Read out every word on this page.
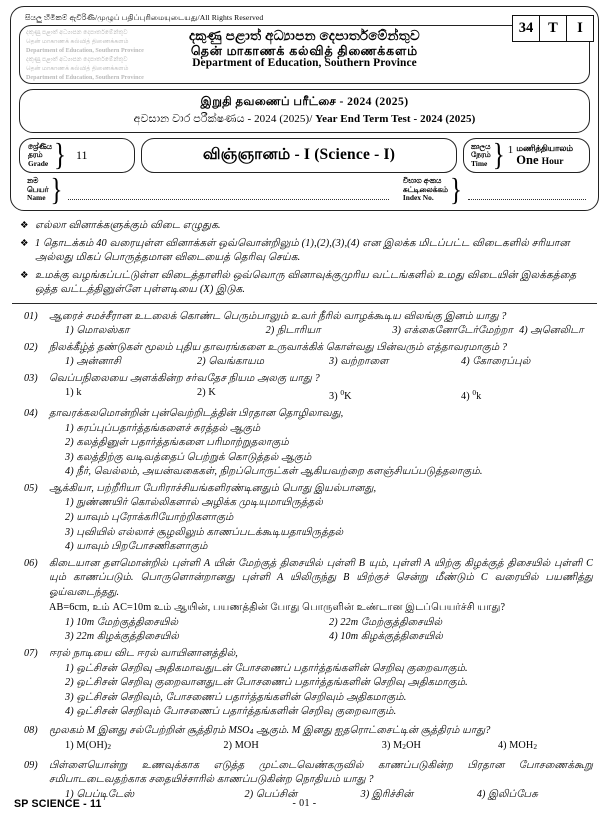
සියලු හිමිකම් ඇවිරිණි/முழுப் பதிப்புரிமையுடையது/All Rights Reserved
දකුණු පළාත් අධ්‍යාපන දෙපාර්තමේන්තුව
தென் மாகாணக் கல்வித் திணைக்களம்
Department of Education, Southern Province
දකුණු පළාත් අධ්‍යාපන දෙපාර්තමේන්තුව
தென் மாகாணக் கல்வித் திணைக்களம்
Department of Education, Southern Province
දකුණු පළාත් අධ්‍යාපන දෙපාර්තමේන්තුව
தென் மாகாணக் கல்வித் திணைக்களம்
Department of Education, Southern Province
34	T	I
இறுதி தவணைப் பரீட்சை - 2024 (2025)
අවසාන වාර පරීක්ෂණය - 2024 (2025)/ Year End Term Test - 2024 (2025)
ශ්‍රේණිය
தரம்
Grade } 11	விஞ்ஞானம் - I (Science - I)	කාලය
நேரம்
Time } 1 மணித்தியாலம்
One Hour
නම
பெயர்
Name }	විභාග අංකය
சுட்டிலைக்கம்
Index No. }
❖ எல்லா வினாக்களுக்கும் விடை எழுதுக.
❖ 1 தொடக்கம் 40 வரையுள்ள வினாக்கள் ஒவ்வொன்றிலும் (1),(2),(3),(4) என இலக்க மிடப்பட்ட விடைகளில் சரியான அல்லது மிகப் பொருத்தமான விடையைத் தெரிவு செய்க.
❖ உமக்கு வழங்கப்பட்டுள்ள விடைத்தாளில் ஒவ்வொரு வினாவுக்குமுரிய வட்டங்களில் உமது விடையின் இலக்கத்தை ஒத்த வட்டத்தினுள்ளே புள்ளடியை (X) இடுக.
01)	ஆரைச் சமச்சீரான உடலைக் கொண்ட பெரும்பாலும் உவர் நீரில் வாழக்கூடிய விலங்கு இனம் யாது ?
1) மொலஸ்கா	2) நிடாரியா	3) எக்கைனோடேர்மேற்றா 4) அனெலிடா
02)	நிலக்கீழ்த் தண்டுகள் மூலம் புதிய தாவரங்களை உருவாக்கிக் கொள்வது பின்வரும் எத்தாவரமாகும் ?
1) அன்னாசி	2) வெங்காயம	3) வற்றாளை	4) கோரைப்புல்
03)	வெப்பநிலையை அளக்கின்ற சர்வதேச நியம அலகு யாது ?
1) k	2) K	3) $^0$K	4) $^0$k
04)	தாவரக்கலமொன்றின் புன்வெற்றிடத்தின் பிரதான தொழிலாவது,
1) சுரப்புப்பதார்த்தங்களைச் சுரத்தல் ஆகும்
2) கலத்தினுள் பதார்த்தங்களை பரிமாற்றுதலாகும்
3) கலத்திற்கு வடிவத்தைப் பெற்றுக் கொடுத்தல் ஆகும்
4) நீர், வெல்லம், அயன்வகைகள், நிறப்பொருட்கள் ஆகியவற்றை களஞ்சியப்படுத்தலாகும்.
05)	ஆக்கியா, பற்றீரியா பேரிராச்சியங்களிரண்டினதும் பொது இயல்பானது,
1) நுண்ணயிர் கொல்லிகளால் அழிக்க முடியுமாயிருத்தல்
2) யாவும் புரோக்கரியோற்றிகளாகும்
3) புவியில் எல்லாச் சூழலிலும் காணப்படக்கூடியதாயிருத்தல்
4) யாவும் பிறபோசணிகளாகும்
06)	கிடையான தளமொன்றில் புள்ளி A யின் மேற்குத் திசையில் புள்ளி B யும், புள்ளி A யிற்கு கிழக்குத் திசையில் புள்ளி C யும் காணப்படும். பொருளொன்றானது புள்ளி A யிலிருந்து B யிற்குச் சென்று மீண்டும் C வரையில் பயணித்து ஓய்வடைந்தது.
AB=6cm, உம் AC=10m உம் ஆயின், பயணத்தின் போது பொருளின் உண்டான இடப்பெயர்ச்சி யாது?
1) 10m மேற்குத்திசையில்	2) 22m மேற்குத்திசையில்
3) 22m கிழக்குத்திசையில்	4) 10m கிழக்குத்திசையில்
07)	ஈரல் நாடியை விட ஈரல் வாயினானத்தில்,
1) ஒட்சிசன் செறிவு அதிகமாவதுடன் போசணைப் பதார்த்தங்களின் செறிவு குறைவாகும்.
2) ஒட்சிசன் செறிவு குறைவானதுடன் போசணைப் பதார்த்தங்களின் செறிவு அதிகமாகும்.
3) ஒட்சிசன் செறிவும், போசணைப் பதார்த்தங்களின் செறிவும் அதிகமாகும்.
4) ஒட்சிசன் செறிவும் போசணைப் பதார்த்தங்களின் செறிவு குறைவாகும்.
08)	மூலகம் M இனது சல்பேற்றின் சூத்திரம் $MSO_4$ ஆகும். M இனது ஐதரொட்சைட்டின் சூத்திரம் யாது?
1) $M(OH)_2$	2) MOH	3) $M_2OH$	4) $MOH_2$
09)	பிள்ளையொன்று உணவுக்காக எடுத்த முட்டைவெண்கருவில் காணப்படுகின்ற பிரதான போசணைக்கூறு சமிபாடடைவதற்காக சதையிச்சாரில் காணப்படுகின்ற நொதியம் யாது ?
1) பெப்டிடேஸ்	2) பெப்சின்	3) இரிச்சின்	4) இலிப்பேசு
SP SCIENCE - 11	- 01 -
